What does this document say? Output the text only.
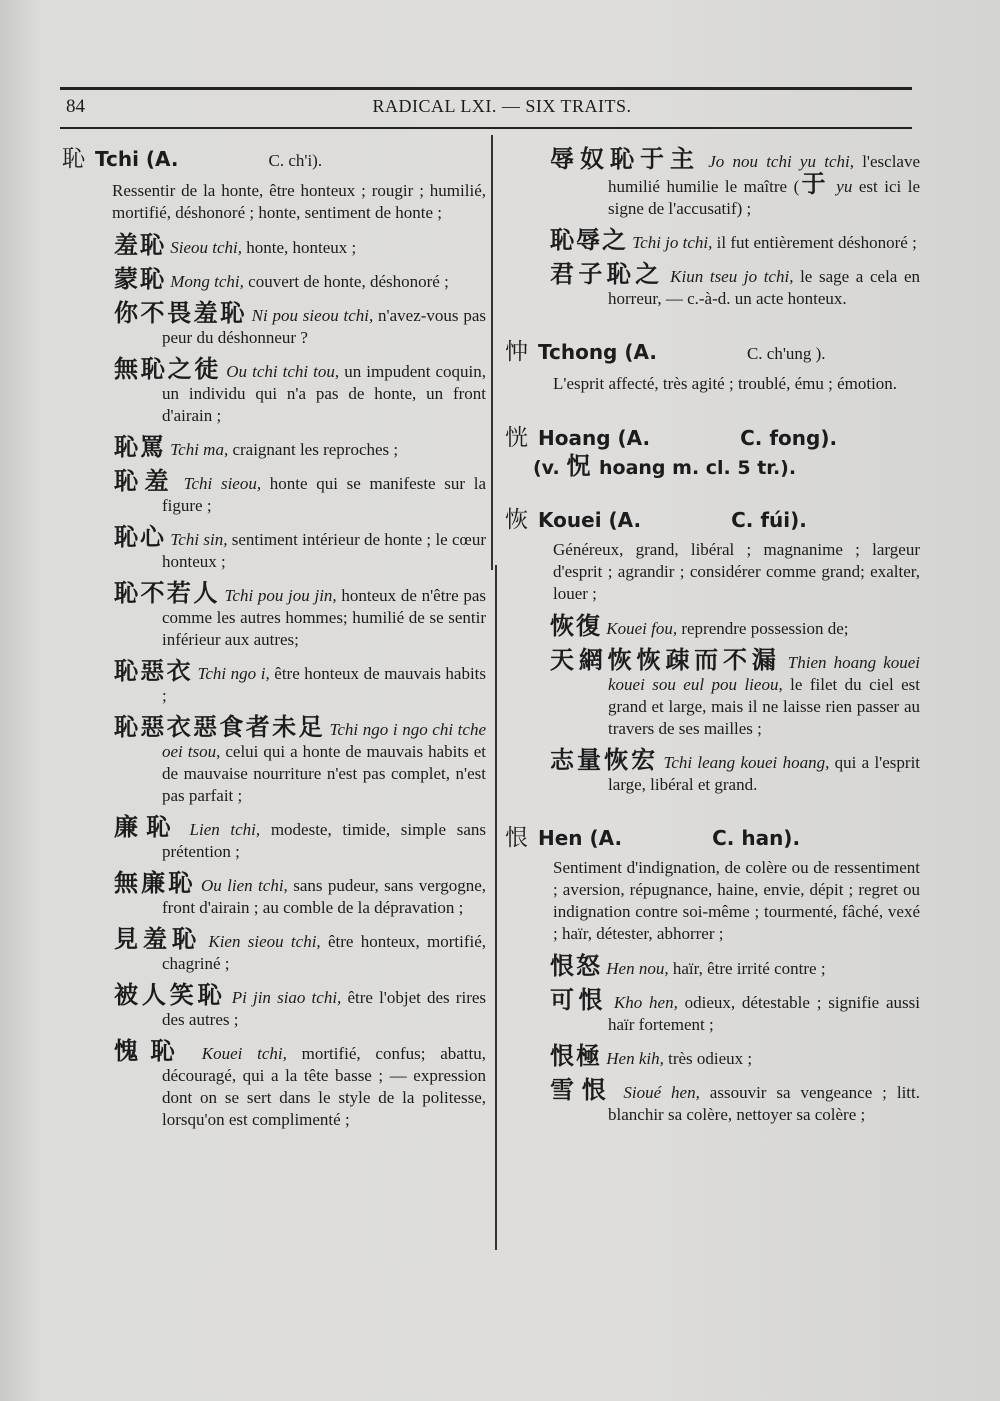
84	RADICAL LXI. — SIX TRAITS.
恥 Tchi (A.	C. ch'i).
Ressentir de la honte, être honteux ; rougir ; humilié, mortifié, déshonoré ; honte, sentiment de honte ;
羞恥 Sieou tchi, honte, honteux ;
蒙恥 Mong tchi, couvert de honte, déshonoré ;
你不畏羞恥 Ni pou sieou tchi, n'avez-vous pas peur du déshonneur ?
無恥之徒 Ou tchi tchi tou, un impudent coquin, un individu qui n'a pas de honte, un front d'airain ;
恥罵 Tchi ma, craignant les reproches ;
恥羞 Tchi sieou, honte qui se manifeste sur la figure ;
恥心 Tchi sin, sentiment intérieur de honte ; le cœur honteux ;
恥不若人 Tchi pou jou jin, honteux de n'être pas comme les autres hommes; humilié de se sentir inférieur aux autres;
恥惡衣 Tchi ngo i, être honteux de mauvais habits ;
恥惡衣惡食者未足 Tchi ngo i ngo chi tche oei tsou, celui qui a honte de mauvais habits et de mauvaise nourriture n'est pas complet, n'est pas parfait ;
廉恥 Lien tchi, modeste, timide, simple sans prétention ;
無廉恥 Ou lien tchi, sans pudeur, sans vergogne, front d'airain ; au comble de la dépravation ;
見羞恥 Kien sieou tchi, être honteux, mortifié, chagriné ;
被人笑恥 Pi jin siao tchi, être l'objet des rires des autres ;
愧恥 Kouei tchi, mortifié, confus; abattu, découragé, qui a la tête basse ; — expression dont on se sert dans le style de la politesse, lorsqu'on est complimenté ;
辱奴恥于主 Jo nou tchi yu tchi, l'esclave humilié humilie le maître (于 yu est ici le signe de l'accusatif) ;
恥辱之 Tchi jo tchi, il fut entièrement déshonoré ;
君子恥之 Kiun tseu jo tchi, le sage a cela en horreur, — c.-à-d. un acte honteux.
忡 Tchong (A.	C. ch'ung ).
L'esprit affecté, très agité ; troublé, ému ; émotion.
恍 Hoang (A.	C. fong).
(v. 怳 hoang m. cl. 5 tr.).
恢 Kouei (A.	C. fúi).
Généreux, grand, libéral ; magnanime ; largeur d'esprit ; agrandir ; considérer comme grand; exalter, louer ;
恢復 Kouei fou, reprendre possession de;
天網恢恢疎而不漏 Thien hoang kouei kouei sou eul pou lieou, le filet du ciel est grand et large, mais il ne laisse rien passer au travers de ses mailles ;
志量恢宏 Tchi leang kouei hoang, qui a l'esprit large, libéral et grand.
恨 Hen (A.	C. han).
Sentiment d'indignation, de colère ou de ressentiment ; aversion, répugnance, haine, envie, dépit ; regret ou indignation contre soi-même ; tourmenté, fâché, vexé ; haïr, détester, abhorrer ;
恨怒 Hen nou, haïr, être irrité contre ;
可恨 Kho hen, odieux, détestable ; signifie aussi haïr fortement ;
恨極 Hen kih, très odieux ;
雪恨 Sioué hen, assouvir sa vengeance ; litt. blanchir sa colère, nettoyer sa colère ;
